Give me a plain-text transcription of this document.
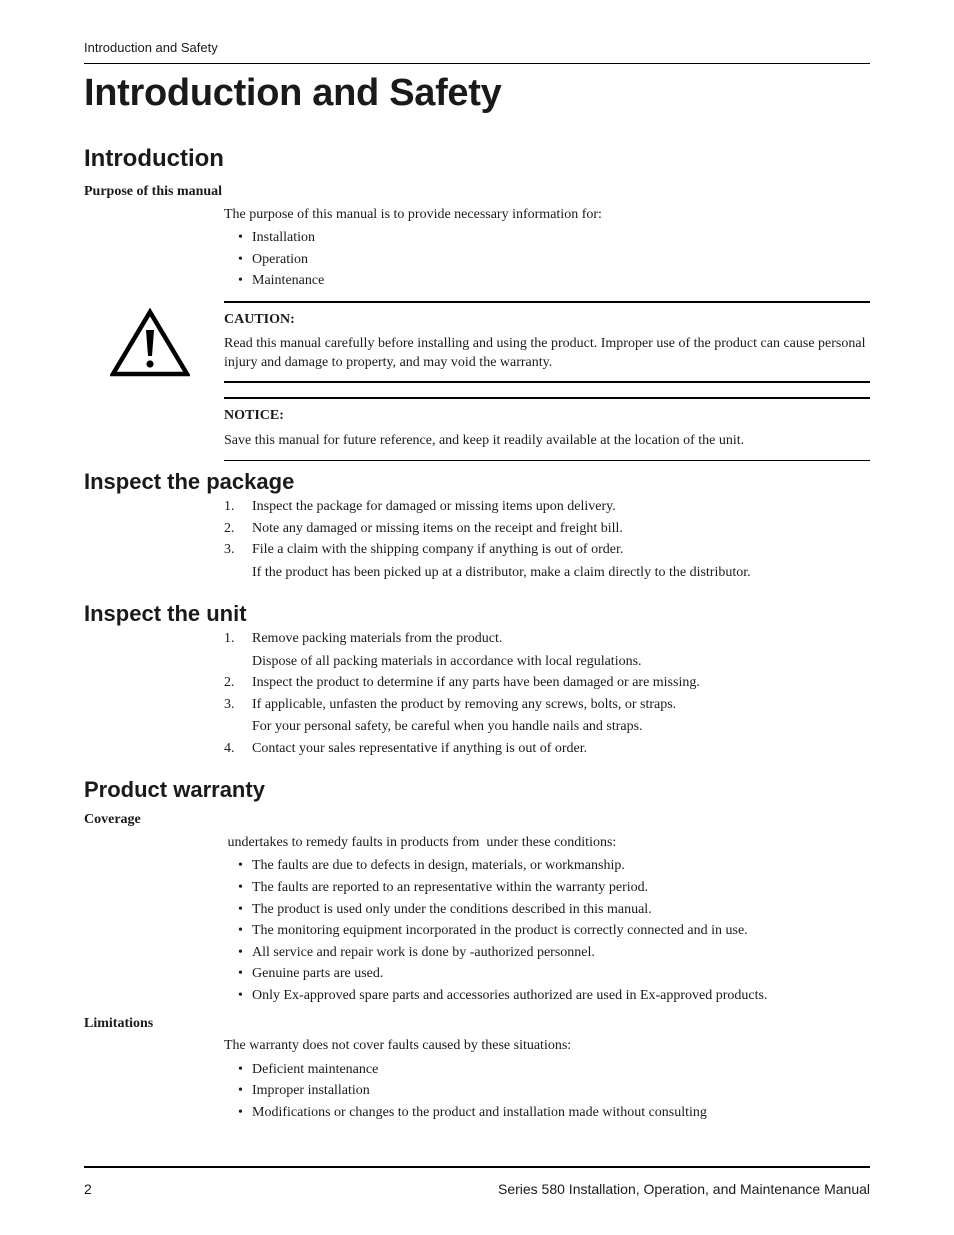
Introduction and Safety
Introduction and Safety
Introduction
Purpose of this manual
The purpose of this manual is to provide necessary information for:
• Installation
• Operation
• Maintenance
CAUTION:
Read this manual carefully before installing and using the product. Improper use of the product can cause personal injury and damage to property, and may void the warranty.
NOTICE:
Save this manual for future reference, and keep it readily available at the location of the unit.
Inspect the package
1. Inspect the package for damaged or missing items upon delivery.
2. Note any damaged or missing items on the receipt and freight bill.
3. File a claim with the shipping company if anything is out of order.
If the product has been picked up at a distributor, make a claim directly to the distributor.
Inspect the unit
1. Remove packing materials from the product.
Dispose of all packing materials in accordance with local regulations.
2. Inspect the product to determine if any parts have been damaged or are missing.
3. If applicable, unfasten the product by removing any screws, bolts, or straps.
For your personal safety, be careful when you handle nails and straps.
4. Contact your sales representative if anything is out of order.
Product warranty
Coverage
undertakes to remedy faults in products from  under these conditions:
• The faults are due to defects in design, materials, or workmanship.
• The faults are reported to an representative within the warranty period.
• The product is used only under the conditions described in this manual.
• The monitoring equipment incorporated in the product is correctly connected and in use.
• All service and repair work is done by -authorized personnel.
• Genuine parts are used.
• Only Ex-approved spare parts and accessories authorized are used in Ex-approved products.
Limitations
The warranty does not cover faults caused by these situations:
• Deficient maintenance
• Improper installation
• Modifications or changes to the product and installation made without consulting
2	Series 580 Installation, Operation, and Maintenance Manual
